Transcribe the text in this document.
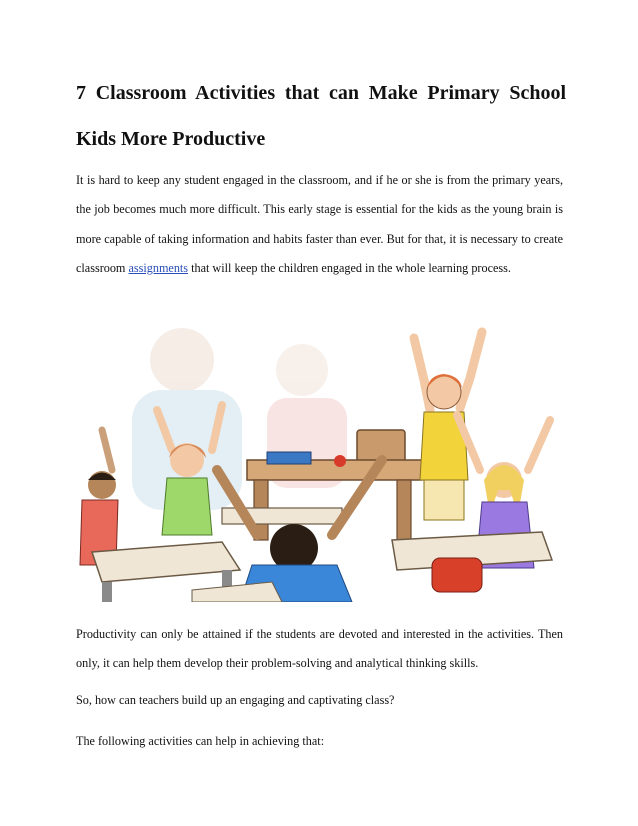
7 Classroom Activities that can Make Primary School Kids More Productive

It is hard to keep any student engaged in the classroom, and if he or she is from the primary years, the job becomes much more difficult. This early stage is essential for the kids as the young brain is more capable of taking information and habits faster than ever. But for that, it is necessary to create classroom assignments that will keep the children engaged in the whole learning process.

Productivity can only be attained if the students are devoted and interested in the activities. Then only, it can help them develop their problem-solving and analytical thinking skills.

So, how can teachers build up an engaging and captivating class?

The following activities can help in achieving that:
